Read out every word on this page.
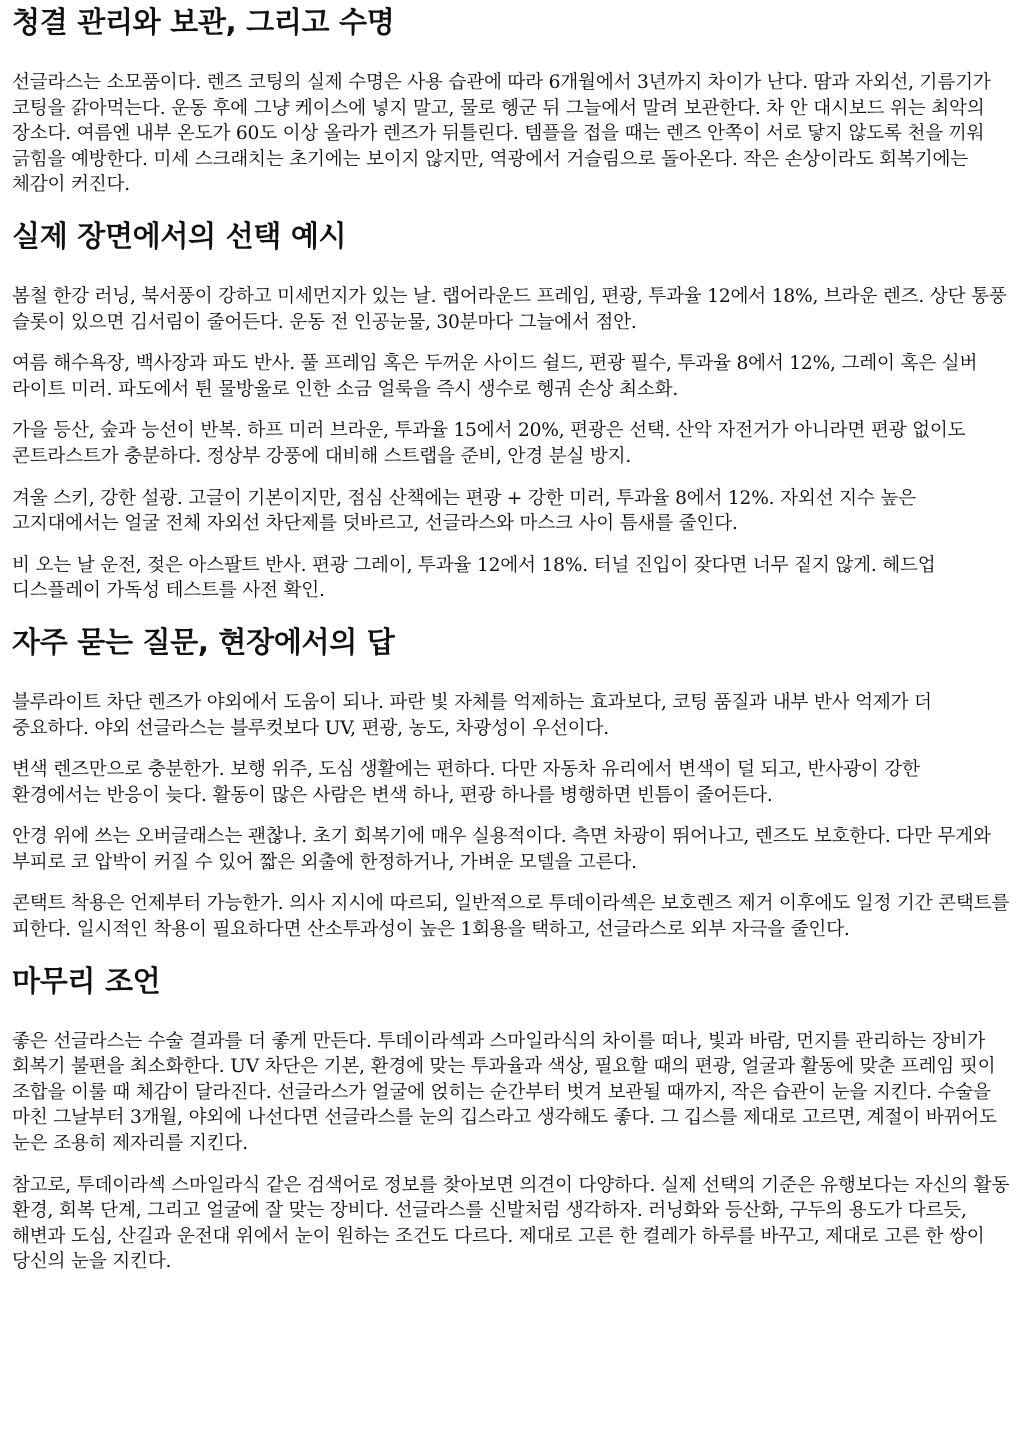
청결 관리와 보관, 그리고 수명

선글라스는 소모품이다. 렌즈 코팅의 실제 수명은 사용 습관에 따라 6개월에서 3년까지 차이가 난다. 땀과 자외선, 기름기가 코팅을 갉아먹는다. 운동 후에 그냥 케이스에 넣지 말고, 물로 헹군 뒤 그늘에서 말려 보관한다. 차 안 대시보드 위는 최악의 장소다. 여름엔 내부 온도가 60도 이상 올라가 렌즈가 뒤틀린다. 템플을 접을 때는 렌즈 안쪽이 서로 닿지 않도록 천을 끼워 긁힘을 예방한다. 미세 스크래치는 초기에는 보이지 않지만, 역광에서 거슬림으로 돌아온다. 작은 손상이라도 회복기에는 체감이 커진다.

실제 장면에서의 선택 예시

봄철 한강 러닝, 북서풍이 강하고 미세먼지가 있는 날. 랩어라운드 프레임, 편광, 투과율 12에서 18%, 브라운 렌즈. 상단 통풍 슬롯이 있으면 김서림이 줄어든다. 운동 전 인공눈물, 30분마다 그늘에서 점안.

여름 해수욕장, 백사장과 파도 반사. 풀 프레임 혹은 두꺼운 사이드 쉴드, 편광 필수, 투과율 8에서 12%, 그레이 혹은 실버 라이트 미러. 파도에서 튄 물방울로 인한 소금 얼룩을 즉시 생수로 헹궈 손상 최소화.

가을 등산, 숲과 능선이 반복. 하프 미러 브라운, 투과율 15에서 20%, 편광은 선택. 산악 자전거가 아니라면 편광 없이도 콘트라스트가 충분하다. 정상부 강풍에 대비해 스트랩을 준비, 안경 분실 방지.

겨울 스키, 강한 설광. 고글이 기본이지만, 점심 산책에는 편광 + 강한 미러, 투과율 8에서 12%. 자외선 지수 높은 고지대에서는 얼굴 전체 자외선 차단제를 덧바르고, 선글라스와 마스크 사이 틈새를 줄인다.

비 오는 날 운전, 젖은 아스팔트 반사. 편광 그레이, 투과율 12에서 18%. 터널 진입이 잦다면 너무 짙지 않게. 헤드업 디스플레이 가독성 테스트를 사전 확인.

자주 묻는 질문, 현장에서의 답

블루라이트 차단 렌즈가 야외에서 도움이 되나. 파란 빛 자체를 억제하는 효과보다, 코팅 품질과 내부 반사 억제가 더 중요하다. 야외 선글라스는 블루컷보다 UV, 편광, 농도, 차광성이 우선이다.

변색 렌즈만으로 충분한가. 보행 위주, 도심 생활에는 편하다. 다만 자동차 유리에서 변색이 덜 되고, 반사광이 강한 환경에서는 반응이 늦다. 활동이 많은 사람은 변색 하나, 편광 하나를 병행하면 빈틈이 줄어든다.

안경 위에 쓰는 오버글래스는 괜찮나. 초기 회복기에 매우 실용적이다. 측면 차광이 뛰어나고, 렌즈도 보호한다. 다만 무게와 부피로 코 압박이 커질 수 있어 짧은 외출에 한정하거나, 가벼운 모델을 고른다.

콘택트 착용은 언제부터 가능한가. 의사 지시에 따르되, 일반적으로 투데이라섹은 보호렌즈 제거 이후에도 일정 기간 콘택트를 피한다. 일시적인 착용이 필요하다면 산소투과성이 높은 1회용을 택하고, 선글라스로 외부 자극을 줄인다.

마무리 조언

좋은 선글라스는 수술 결과를 더 좋게 만든다. 투데이라섹과 스마일라식의 차이를 떠나, 빛과 바람, 먼지를 관리하는 장비가 회복기 불편을 최소화한다. UV 차단은 기본, 환경에 맞는 투과율과 색상, 필요할 때의 편광, 얼굴과 활동에 맞춘 프레임 핏이 조합을 이룰 때 체감이 달라진다. 선글라스가 얼굴에 얹히는 순간부터 벗겨 보관될 때까지, 작은 습관이 눈을 지킨다. 수술을 마친 그날부터 3개월, 야외에 나선다면 선글라스를 눈의 깁스라고 생각해도 좋다. 그 깁스를 제대로 고르면, 계절이 바뀌어도 눈은 조용히 제자리를 지킨다.

참고로, 투데이라섹 스마일라식 같은 검색어로 정보를 찾아보면 의견이 다양하다. 실제 선택의 기준은 유행보다는 자신의 활동 환경, 회복 단계, 그리고 얼굴에 잘 맞는 장비다. 선글라스를 신발처럼 생각하자. 러닝화와 등산화, 구두의 용도가 다르듯, 해변과 도심, 산길과 운전대 위에서 눈이 원하는 조건도 다르다. 제대로 고른 한 켤레가 하루를 바꾸고, 제대로 고른 한 쌍이 당신의 눈을 지킨다.
